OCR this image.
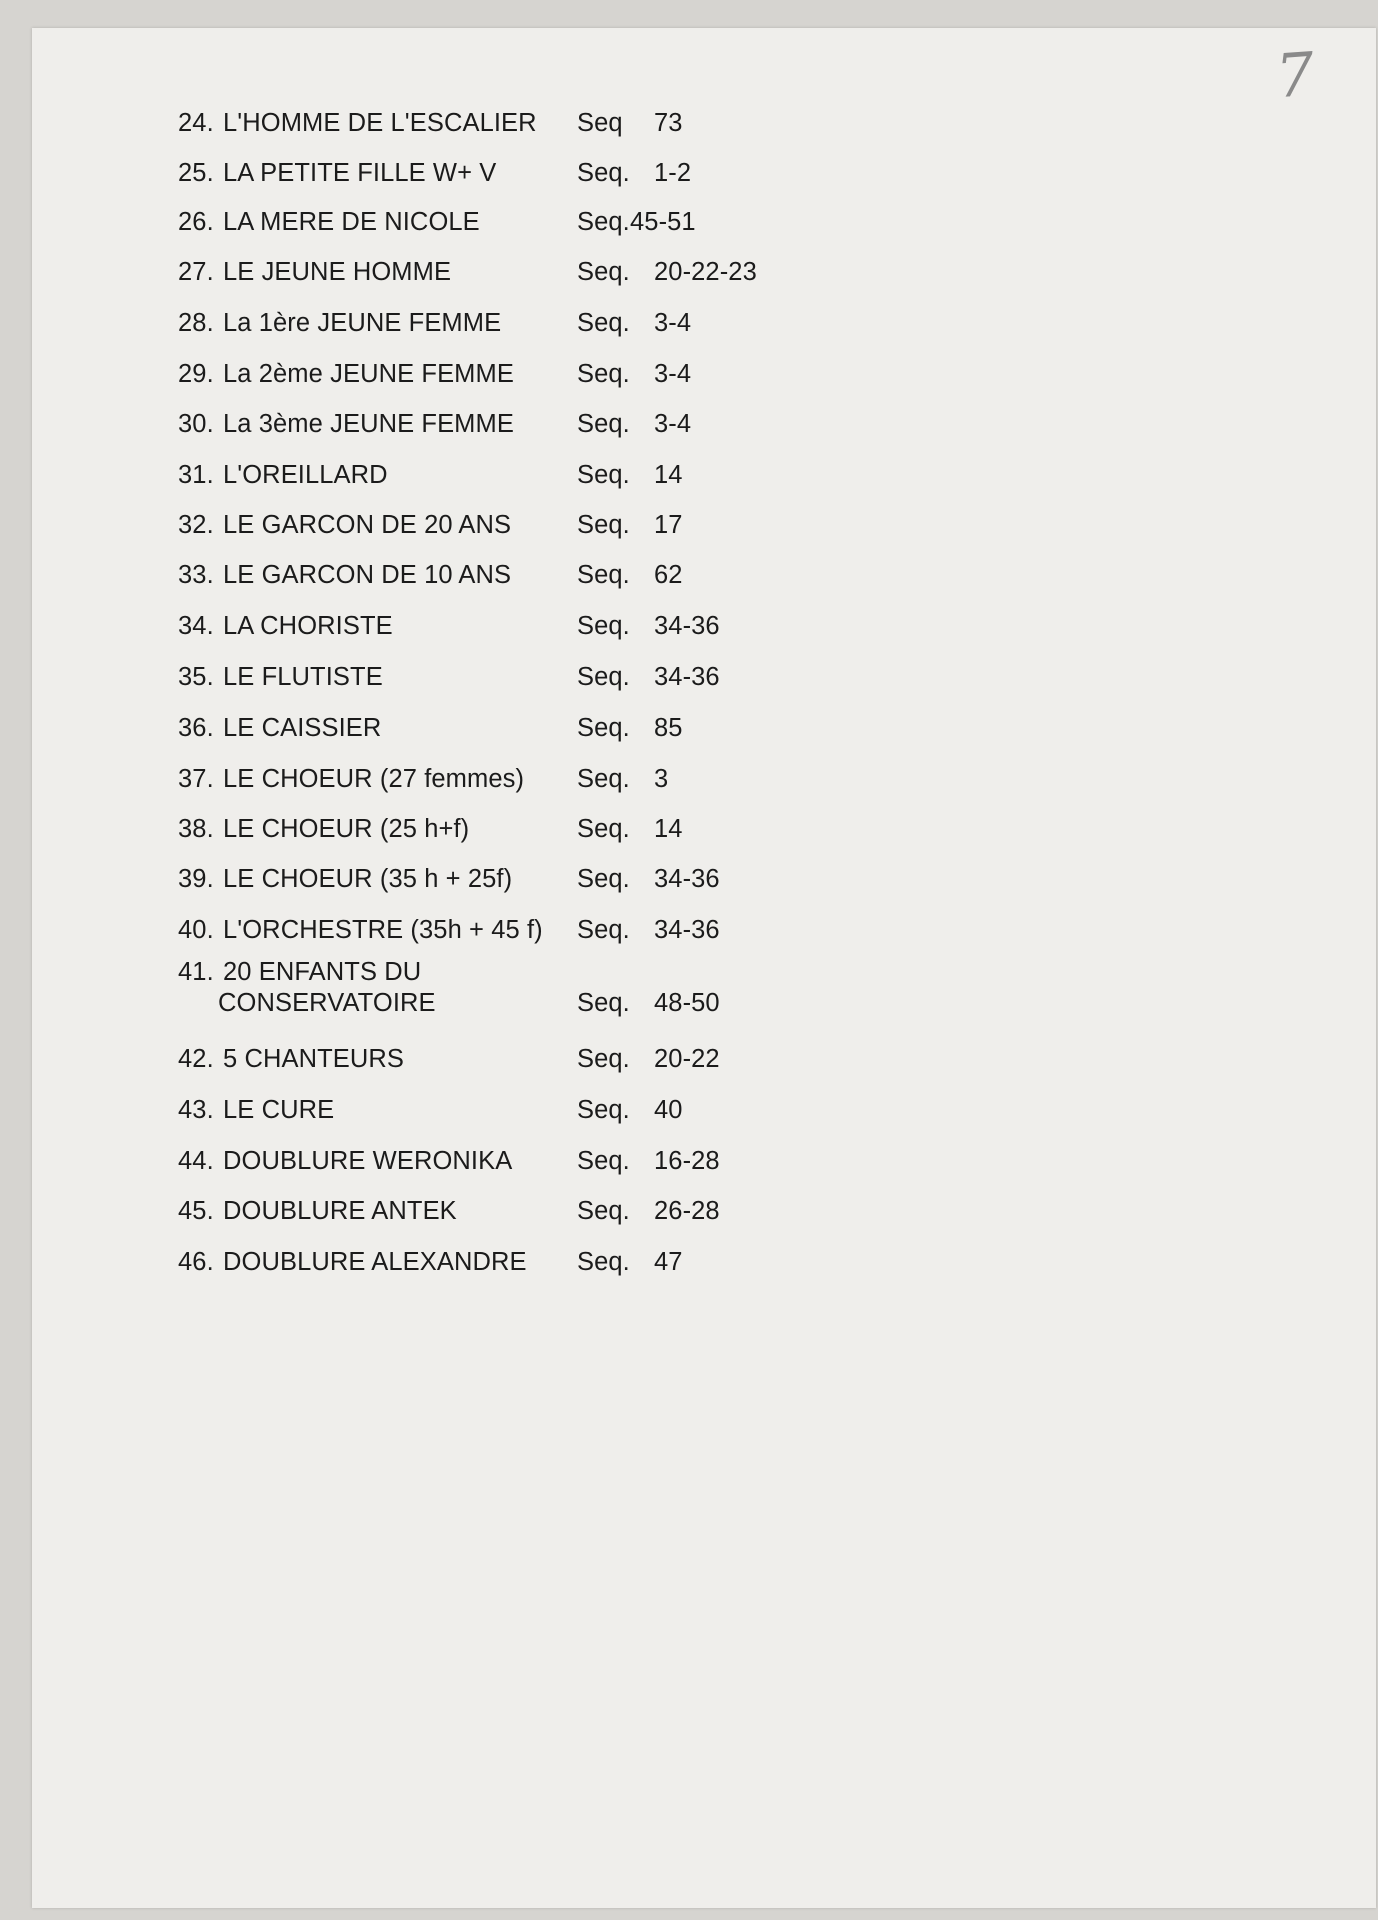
7
24. L'HOMME DE L'ESCALIER Seq 73
25. LA PETITE FILLE W+ V	Seq. 1-2
26. LA MERE DE NICOLE	Seq. 45-51
27. LE JEUNE HOMME	Seq. 20-22-23
28. La 1ère JEUNE FEMME	Seq. 3-4
29. La 2ème JEUNE FEMME Seq. 3-4
30. La 3ème JEUNE FEMME Seq. 3-4
31. L'OREILLARD	Seq. 14
32. LE GARCON DE 20 ANS	Seq. 17
33. LE GARCON DE 10 ANS	Seq. 62
34. LA CHORISTE	Seq. 34-36
35. LE FLUTISTE	Seq. 34-36
36. LE CAISSIER	Seq. 85
37. LE CHOEUR (27 femmes) Seq. 3
38. LE CHOEUR (25 h+f)	Seq. 14
39. LE CHOEUR (35 h + 25f)	Seq. 34-36
40. L'ORCHESTRE (35h + 45 f) Seq. 34-36
41. 20 ENFANTS DU
CONSERVATOIRE	Seq. 48-50
42. 5 CHANTEURS	Seq. 20-22
43. LE CURE	Seq. 40
44. DOUBLURE WERONIKA	Seq. 16-28
45. DOUBLURE ANTEK	Seq. 26-28
46. DOUBLURE ALEXANDRE Seq. 47
